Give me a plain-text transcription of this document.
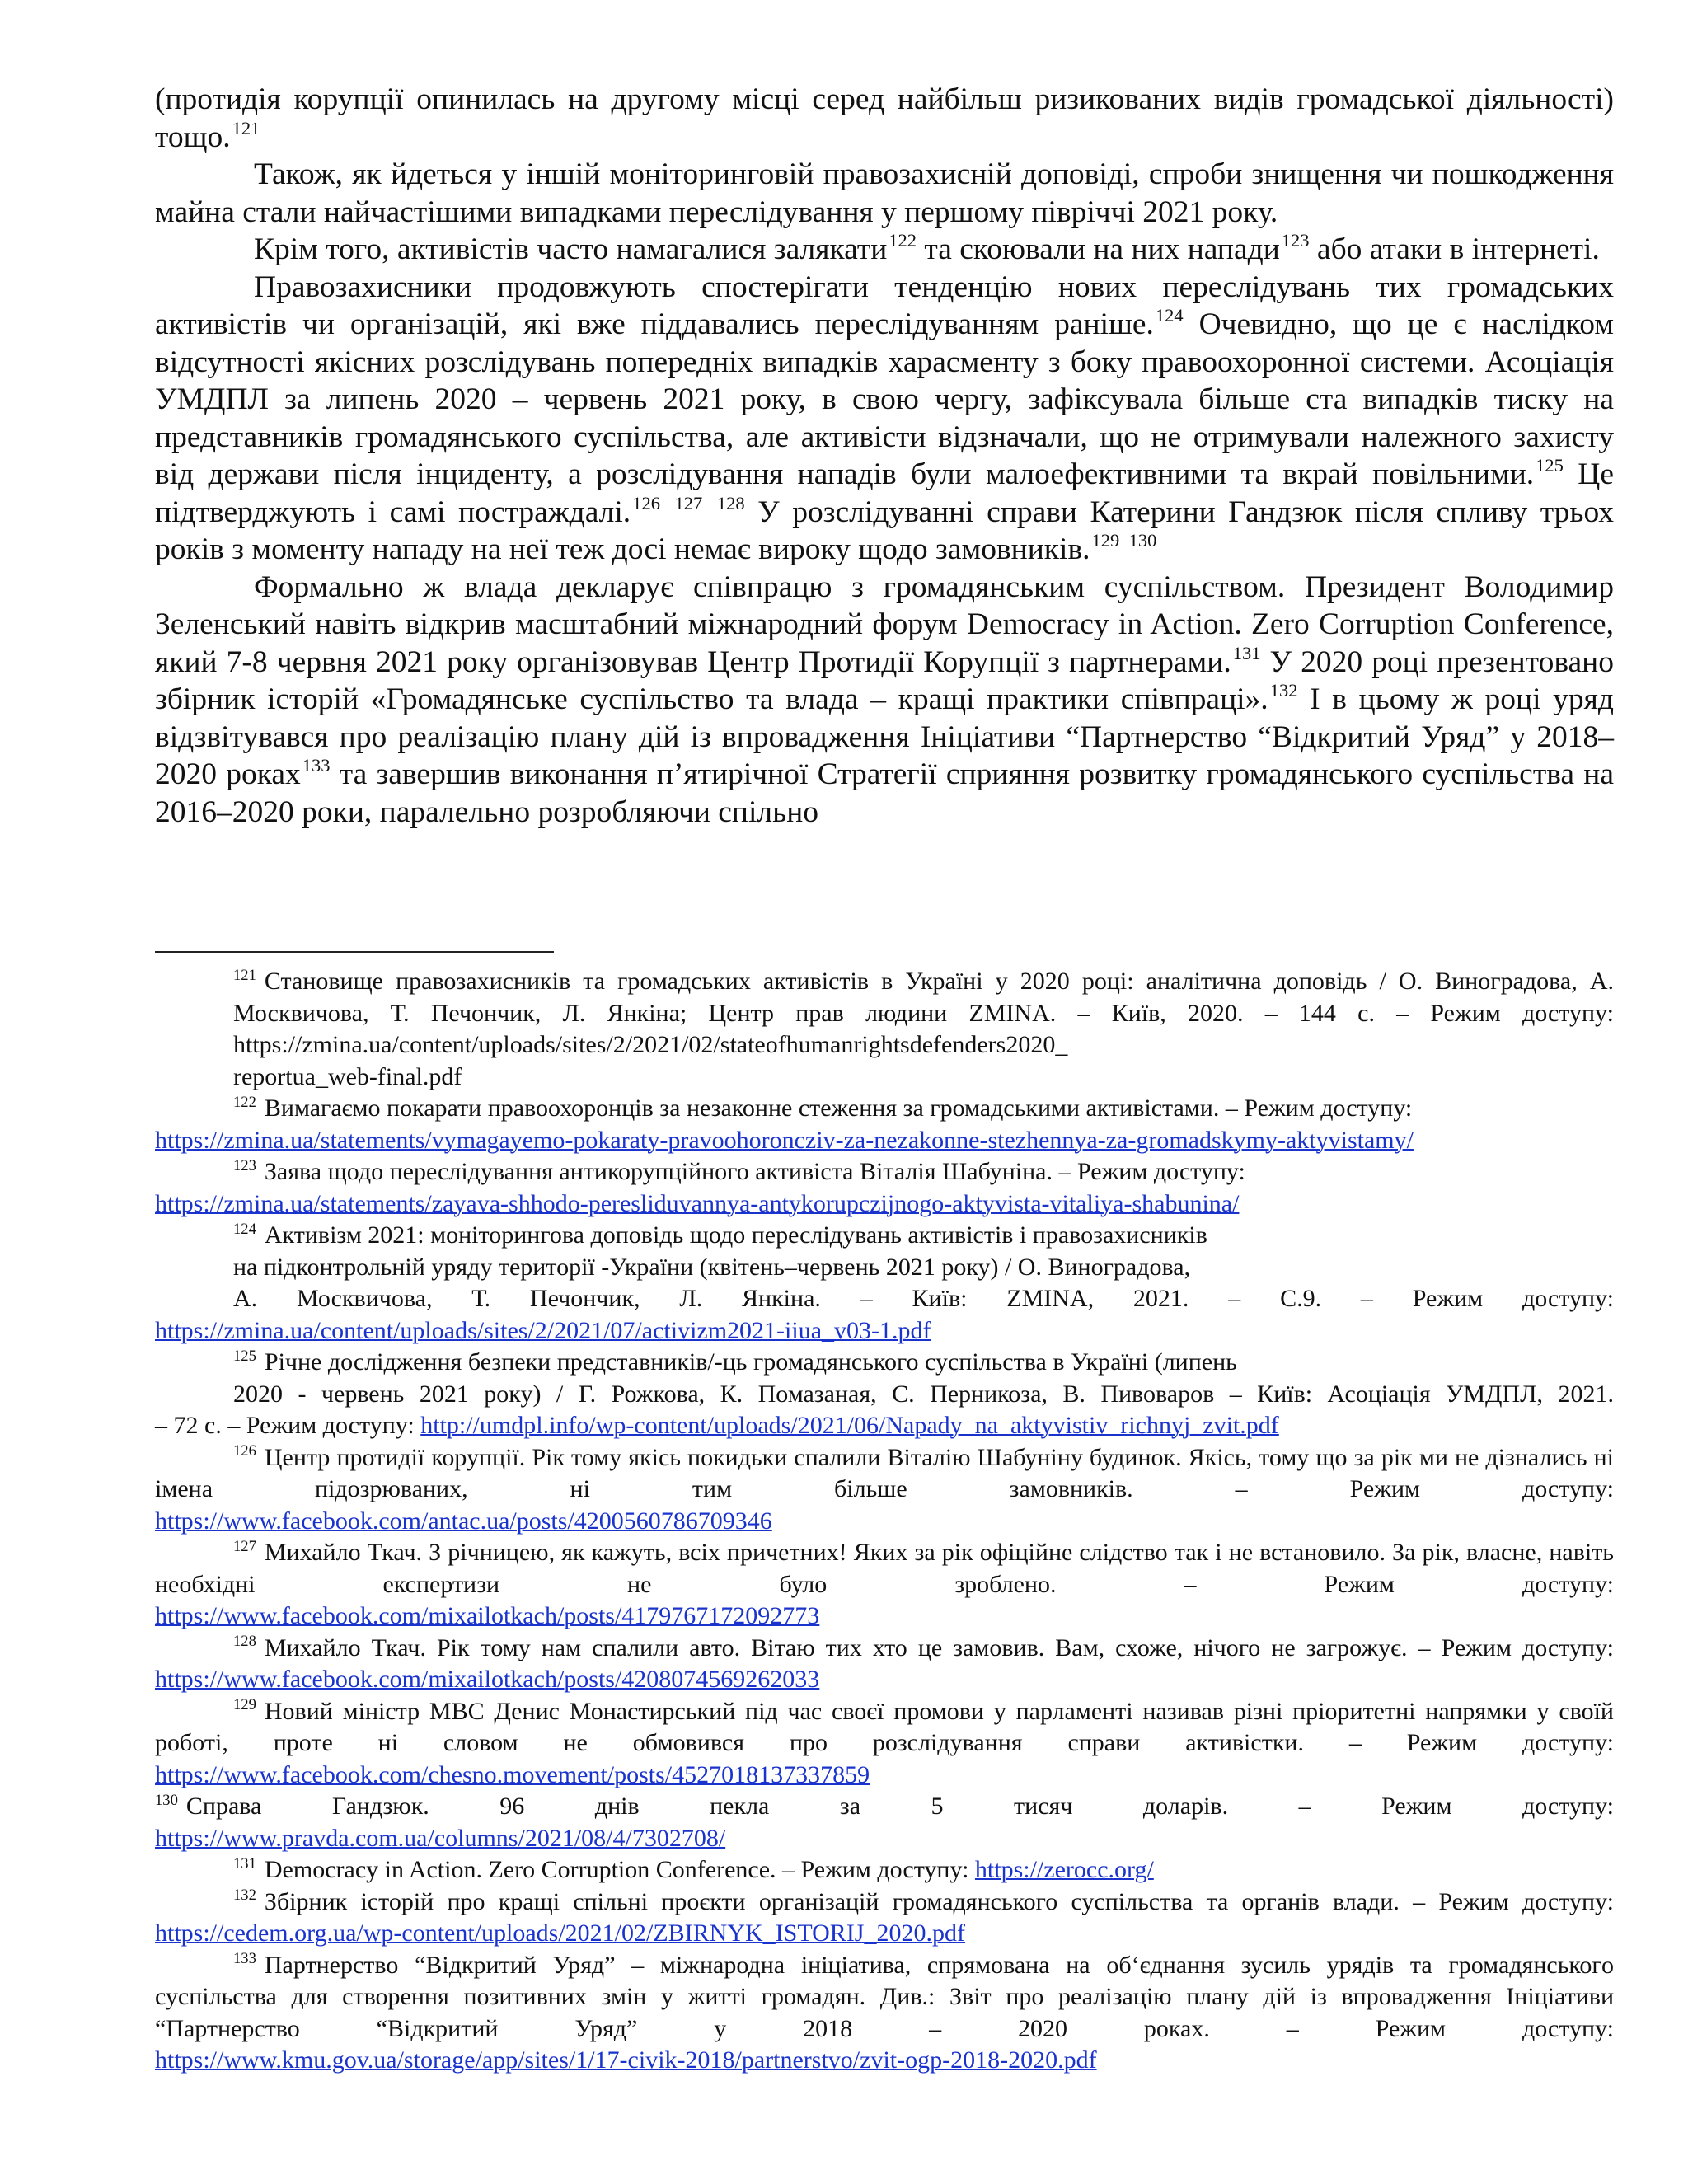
(протидія корупції опинилась на другому місці серед найбільш ризикованих видів громадської діяльності) тощо.$^{121}$

Також, як йдеться у іншій моніторинговій правозахисній доповіді, спроби знищення чи пошкодження майна стали найчастішими випадками переслідування у першому півріччі 2021 року.

Крім того, активістів часто намагалися залякати$^{122}$ та скоювали на них напади$^{123}$ або атаки в інтернеті.

Правозахисники продовжують спостерігати тенденцію нових переслідувань тих громадських активістів чи організацій, які вже піддавались переслідуванням раніше.$^{124}$ Очевидно, що це є наслідком відсутності якісних розслідувань попередніх випадків харасменту з боку правоохоронної системи. Асоціація УМДПЛ за липень 2020 – червень 2021 року, в свою чергу, зафіксувала більше ста випадків тиску на представників громадянського суспільства, але активісти відзначали, що не отримували належного захисту від держави після інциденту, а розслідування нападів були малоефективними та вкрай повільними.$^{125}$ Це підтверджують і самі постраждалі.$^{126}$ $^{127}$ $^{128}$ У розслідуванні справи Катерини Гандзюк після спливу трьох років з моменту нападу на неї теж досі немає вироку щодо замовників.$^{129}$ $^{130}$

Формально ж влада декларує співпрацю з громадянським суспільством. Президент Володимир Зеленський навіть відкрив масштабний міжнародний форум Democracy in Action. Zero Corruption Conference, який 7-8 червня 2021 року організовував Центр Протидії Корупції з партнерами.$^{131}$ У 2020 році презентовано збірник історій «Громадянське суспільство та влада – кращі практики співпраці».$^{132}$ І в цьому ж році уряд відзвітувався про реалізацію плану дій із впровадження Ініціативи “Партнерство “Відкритий Уряд” у 2018–2020 роках$^{133}$ та завершив виконання п’ятирічної Стратегії сприяння розвитку громадянського суспільства на 2016–2020 роки, паралельно розробляючи спільно

$^{121}$ Становище правозахисників та громадських активістів в Україні у 2020 році: аналітична доповідь / О. Виноградова, А. Москвичова, Т. Печончик, Л. Янкіна; Центр прав людини ZMINA. – Київ, 2020. – 144 с. – Режим доступу: https://zmina.ua/content/uploads/sites/2/2021/02/stateofhumanrightsdefenders2020_
reportua_web-final.pdf
$^{122}$ Вимагаємо покарати правоохоронців за незаконне стеження за громадськими активістами. – Режим доступу:
https://zmina.ua/statements/vymagayemo-pokaraty-pravoohoroncziv-za-nezakonne-stezhennya-za-gromadskymy-aktyvistamy/
$^{123}$ Заява щодо переслідування антикорупційного активіста Віталія Шабуніна. – Режим доступу:
https://zmina.ua/statements/zayava-shhodo-peresliduvannya-antykorupczijnogo-aktyvista-vitaliya-shabunina/
$^{124}$ Активізм 2021: моніторингова доповідь щодо переслідувань активістів і правозахисників
на підконтрольній уряду території -України (квітень–червень 2021 року) / О. Виноградова,
А. Москвичова, Т. Печончик, Л. Янкіна. – Київ: ZMINA, 2021. – С.9. – Режим доступу:
https://zmina.ua/content/uploads/sites/2/2021/07/activizm2021-iiua_v03-1.pdf
$^{125}$ Річне дослідження безпеки представників/-ць громадянського суспільства в Україні (липень
2020 - червень 2021 року) / Г. Рожкова, К. Помазаная, С. Перникоза, В. Пивоваров – Київ: Асоціація УМДПЛ, 2021.
– 72 с. – Режим доступу: http://umdpl.info/wp-content/uploads/2021/06/Napady_na_aktyvistiv_richnyj_zvit.pdf
$^{126}$ Центр протидії корупції. Рік тому якісь покидьки спалили Віталію Шабуніну будинок. Якісь, тому що за рік ми не дізнались ні імена підозрюваних, ні тим більше замовників. – Режим доступу:
https://www.facebook.com/antac.ua/posts/4200560786709346
$^{127}$ Михайло Ткач. З річницею, як кажуть, всіх причетних! Яких за рік офіційне слідство так і не встановило. За рік, власне, навіть необхідні експертизи не було зроблено. – Режим доступу:
https://www.facebook.com/mixailotkach/posts/4179767172092773
$^{128}$ Михайло Ткач. Рік тому нам спалили авто. Вітаю тих хто це замовив. Вам, схоже, нічого не загрожує. – Режим доступу: https://www.facebook.com/mixailotkach/posts/4208074569262033
$^{129}$ Новий міністр МВС Денис Монастирський під час своєї промови у парламенті називав різні пріоритетні напрямки у своїй роботі, проте ні словом не обмовився про розслідування справи активістки. – Режим доступу:
https://www.facebook.com/chesno.movement/posts/4527018137337859
$^{130}$ Справа Гандзюк. 96 днів пекла за 5 тисяч доларів. – Режим доступу:
https://www.pravda.com.ua/columns/2021/08/4/7302708/
$^{131}$ Democracy in Action. Zero Corruption Conference. – Режим доступу: https://zerocc.org/
$^{132}$ Збірник історій про кращі спільні проєкти організацій громадянського суспільства та органів влади. – Режим доступу: https://cedem.org.ua/wp-content/uploads/2021/02/ZBIRNYK_ISTORIJ_2020.pdf
$^{133}$ Партнерство “Відкритий Уряд” – міжнародна ініціатива, спрямована на об‘єднання зусиль урядів та громадянського суспільства для створення позитивних змін у житті громадян. Див.: Звіт про реалізацію плану дій із впровадження Ініціативи “Партнерство “Відкритий Уряд” у 2018 – 2020 роках. – Режим доступу:
https://www.kmu.gov.ua/storage/app/sites/1/17-civik-2018/partnerstvo/zvit-ogp-2018-2020.pdf
